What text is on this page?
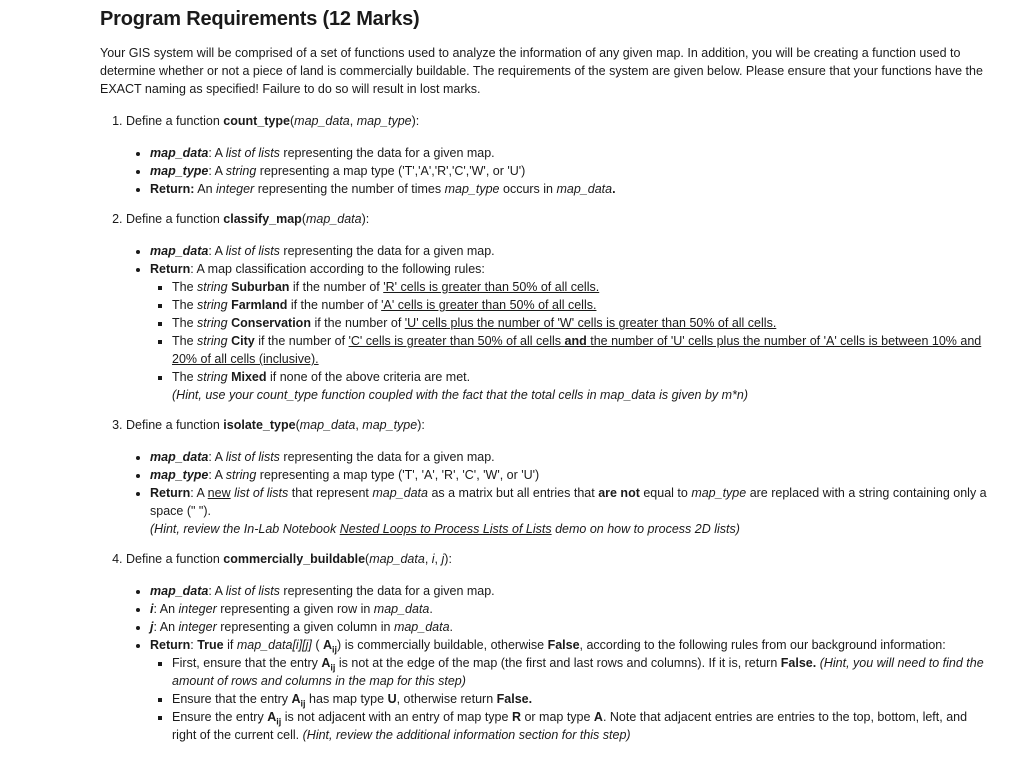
Program Requirements (12 Marks)

Your GIS system will be comprised of a set of functions used to analyze the information of any given map. In addition, you will be creating a function used to determine whether or not a piece of land is commercially buildable. The requirements of the system are given below. Please ensure that your functions have the EXACT naming as specified! Failure to do so will result in lost marks.

1. Define a function count_type(map_data, map_type):
• map_data: A list of lists representing the data for a given map.
• map_type: A string representing a map type ('T','A','R','C','W', or 'U')
• Return: An integer representing the number of times map_type occurs in map_data.
2. Define a function classify_map(map_data):
• map_data: A list of lists representing the data for a given map.
• Return: A map classification according to the following rules:
▪ The string Suburban if the number of 'R' cells is greater than 50% of all cells.
▪ The string Farmland if the number of 'A' cells is greater than 50% of all cells.
▪ The string Conservation if the number of 'U' cells plus the number of 'W' cells is greater than 50% of all cells.
▪ The string City if the number of 'C' cells is greater than 50% of all cells and the number of 'U' cells plus the number of 'A' cells is between 10% and 20% of all cells (inclusive).
▪ The string Mixed if none of the above criteria are met.
(Hint, use your count_type function coupled with the fact that the total cells in map_data is given by m*n)
3. Define a function isolate_type(map_data, map_type):
• map_data: A list of lists representing the data for a given map.
• map_type: A string representing a map type ('T', 'A', 'R', 'C', 'W', or 'U')
• Return: A new list of lists that represent map_data as a matrix but all entries that are not equal to map_type are replaced with a string containing only a space (" ").
(Hint, review the In-Lab Notebook Nested Loops to Process Lists of Lists demo on how to process 2D lists)
4. Define a function commercially_buildable(map_data, i, j):
• map_data: A list of lists representing the data for a given map.
• i: An integer representing a given row in map_data.
• j: An integer representing a given column in map_data.
• Return: True if map_data[i][j] ( $A_{ij}$) is commercially buildable, otherwise False, according to the following rules from our background information:
▪ First, ensure that the entry $A_{ij}$ is not at the edge of the map (the first and last rows and columns). If it is, return False. (Hint, you will need to find the amount of rows and columns in the map for this step)
▪ Ensure that the entry $A_{ij}$ has map type U, otherwise return False.
▪ Ensure the entry $A_{ij}$ is not adjacent with an entry of map type R or map type A. Note that adjacent entries are entries to the top, bottom, left, and right of the current cell. (Hint, review the additional information section for this step)
